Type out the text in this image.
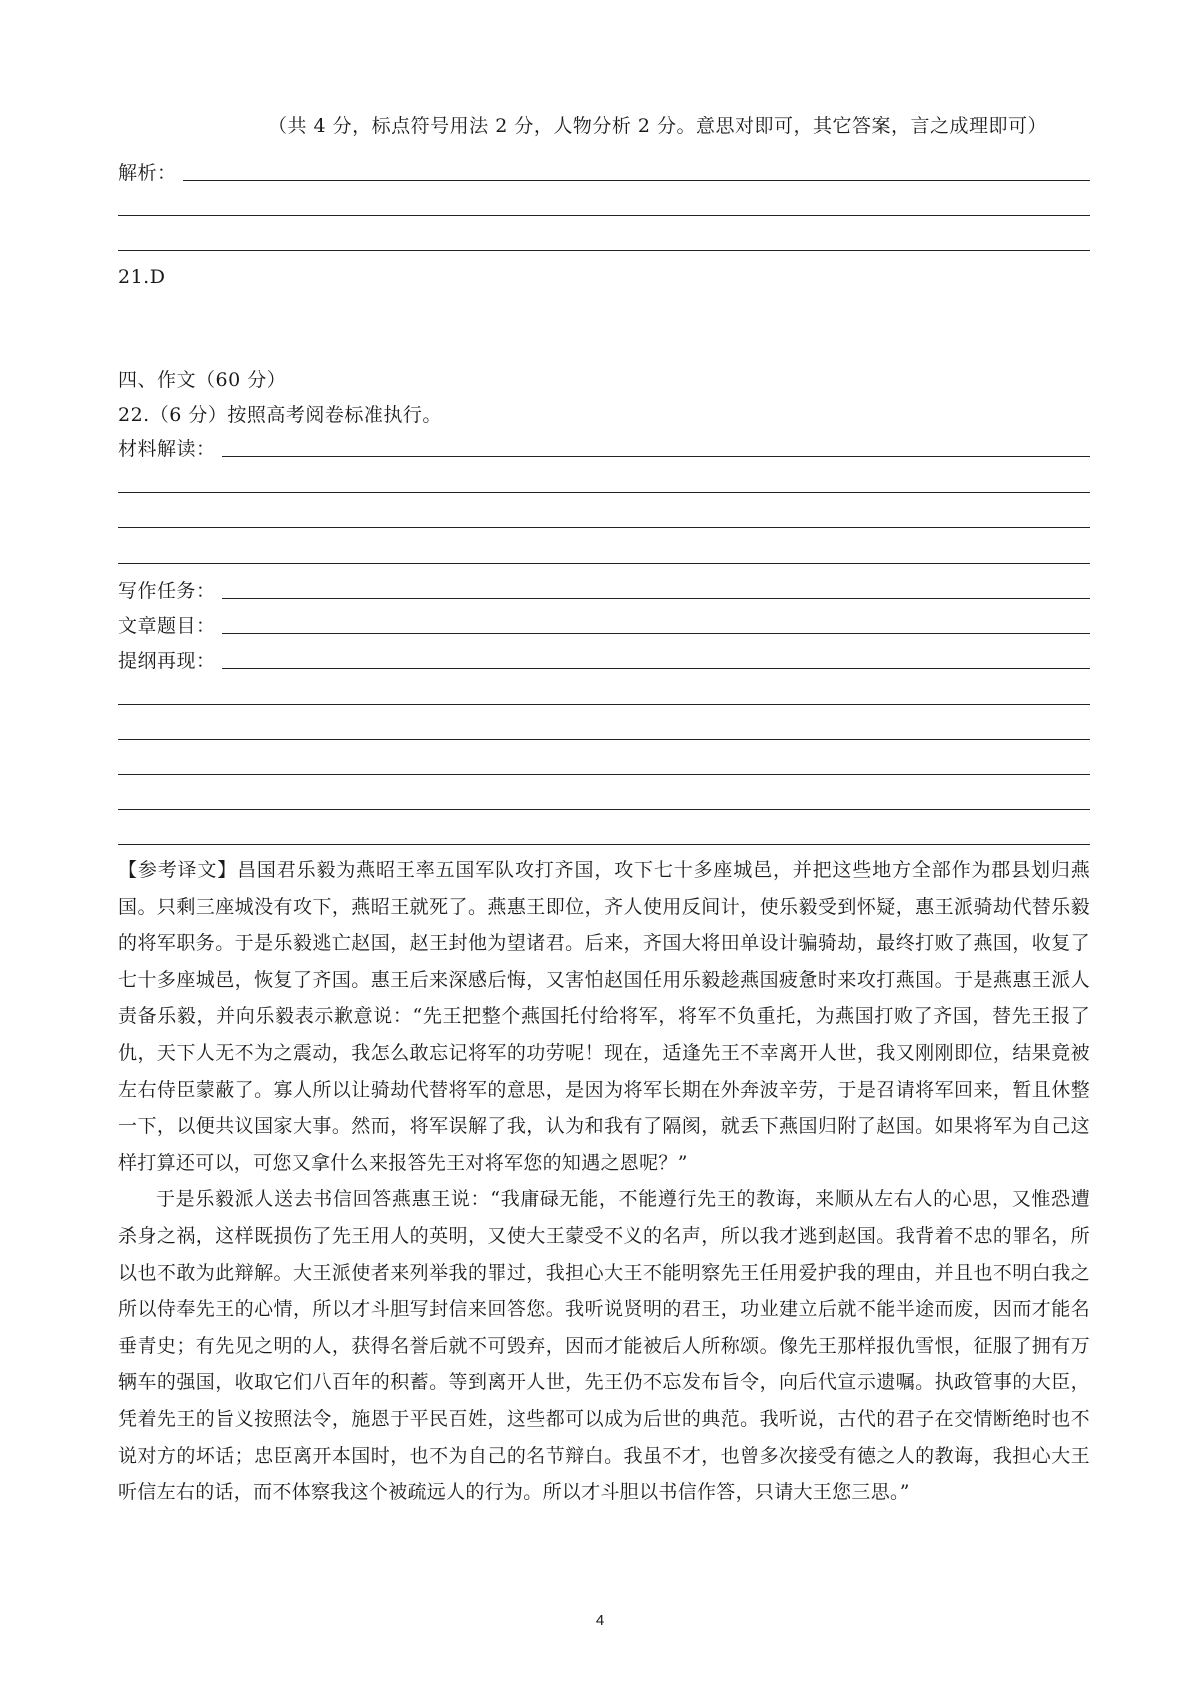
（共 4 分，标点符号用法 2 分，人物分析 2 分。意思对即可，其它答案，言之成理即可）
解析：
21.D
四、作文（60 分）
22.（6 分）按照高考阅卷标准执行。
材料解读：
写作任务：
文章题目：
提纲再现：

【参考译文】昌国君乐毅为燕昭王率五国军队攻打齐国，攻下七十多座城邑，并把这些地方全部作为郡县划归燕国。只剩三座城没有攻下，燕昭王就死了。燕惠王即位，齐人使用反间计，使乐毅受到怀疑，惠王派骑劫代替乐毅的将军职务。于是乐毅逃亡赵国，赵王封他为望诸君。后来，齐国大将田单设计骗骑劫，最终打败了燕国，收复了七十多座城邑，恢复了齐国。惠王后来深感后悔，又害怕赵国任用乐毅趁燕国疲惫时来攻打燕国。于是燕惠王派人责备乐毅，并向乐毅表示歉意说：“先王把整个燕国托付给将军，将军不负重托，为燕国打败了齐国，替先王报了仇，天下人无不为之震动，我怎么敢忘记将军的功劳呢！现在，适逢先王不幸离开人世，我又刚刚即位，结果竟被左右侍臣蒙蔽了。寡人所以让骑劫代替将军的意思，是因为将军长期在外奔波辛劳，于是召请将军回来，暂且休整一下，以便共议国家大事。然而，将军误解了我，认为和我有了隔阂，就丢下燕国归附了赵国。如果将军为自己这样打算还可以，可您又拿什么来报答先王对将军您的知遇之恩呢？”

于是乐毅派人送去书信回答燕惠王说：“我庸碌无能，不能遵行先王的教诲，来顺从左右人的心思，又惟恐遭杀身之祸，这样既损伤了先王用人的英明，又使大王蒙受不义的名声，所以我才逃到赵国。我背着不忠的罪名，所以也不敢为此辩解。大王派使者来列举我的罪过，我担心大王不能明察先王任用爱护我的理由，并且也不明白我之所以侍奉先王的心情，所以才斗胆写封信来回答您。我听说贤明的君王，功业建立后就不能半途而废，因而才能名垂青史；有先见之明的人，获得名誉后就不可毁弃，因而才能被后人所称颂。像先王那样报仇雪恨，征服了拥有万辆车的强国，收取它们八百年的积蓄。等到离开人世，先王仍不忘发布旨令，向后代宣示遗嘱。执政管事的大臣，凭着先王的旨义按照法令，施恩于平民百姓，这些都可以成为后世的典范。我听说，古代的君子在交情断绝时也不说对方的坏话；忠臣离开本国时，也不为自己的名节辩白。我虽不才，也曾多次接受有德之人的教诲，我担心大王听信左右的话，而不体察我这个被疏远人的行为。所以才斗胆以书信作答，只请大王您三思。”

4
